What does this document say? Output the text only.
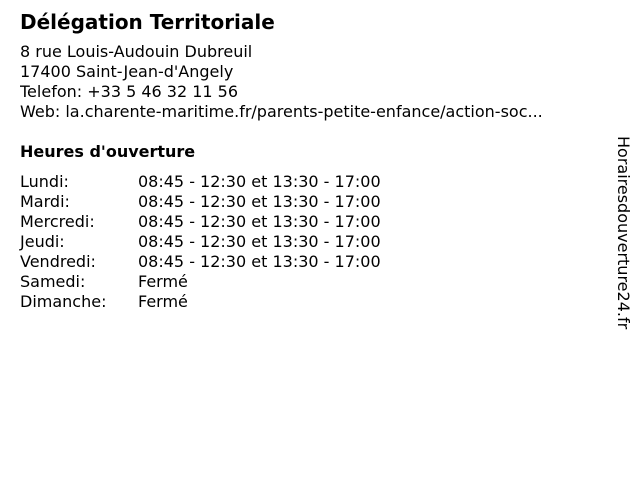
Délégation Territoriale
8 rue Louis-Audouin Dubreuil
17400 Saint-Jean-d'Angely
Telefon: +33 5 46 32 11 56
Web: la.charente-maritime.fr/parents-petite-enfance/action-soc...
Heures d'ouverture
Lundi:	08:45 - 12:30 et 13:30 - 17:00
Mardi:	08:45 - 12:30 et 13:30 - 17:00
Mercredi:	08:45 - 12:30 et 13:30 - 17:00
Jeudi:	08:45 - 12:30 et 13:30 - 17:00
Vendredi:	08:45 - 12:30 et 13:30 - 17:00
Samedi:	Fermé
Dimanche:	Fermé	Horairesdouverture24.fr
